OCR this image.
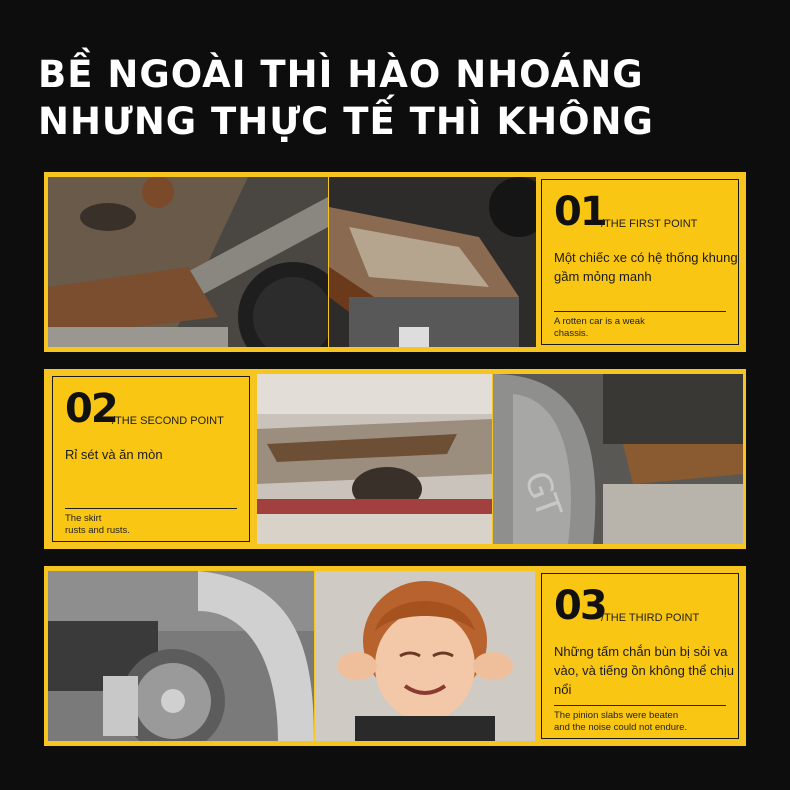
BỀ NGOÀI THÌ HÀO NHOÁNG
NHƯNG THỰC TẾ THÌ KHÔNG
01
/THE FIRST POINT
Một chiếc xe có hệ thống khung gầm mỏng manh
A rotten car is a weak
chassis.
02
/THE SECOND POINT
Rỉ sét và ăn mòn
The skirt
rusts and rusts.
GT
03
/THE THIRD POINT
Những tấm chắn bùn bị sỏi va vào, và tiếng ồn không thể chịu nổi
The pinion slabs were beaten
and the noise could not endure.
